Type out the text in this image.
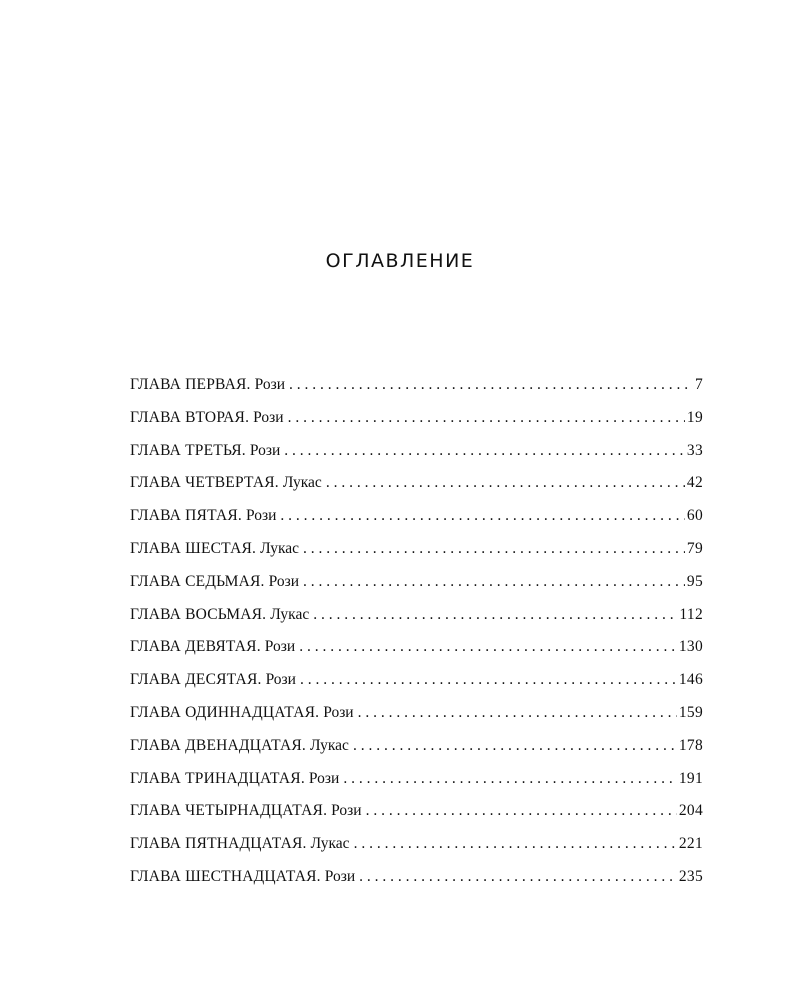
ОГЛАВЛЕНИЕ
ГЛАВА ПЕРВАЯ. Рози . . .	7
ГЛАВА ВТОРАЯ. Рози . . .	19
ГЛАВА ТРЕТЬЯ. Рози . . .	33
ГЛАВА ЧЕТВЕРТАЯ. Лукас . . .	42
ГЛАВА ПЯТАЯ. Рози . . .	60
ГЛАВА ШЕСТАЯ. Лукас . . .	79
ГЛАВА СЕДЬМАЯ. Рози . . .	95
ГЛАВА ВОСЬМАЯ. Лукас . . .	112
ГЛАВА ДЕВЯТАЯ. Рози . . .	130
ГЛАВА ДЕСЯТАЯ. Рози . . .	146
ГЛАВА ОДИННАДЦАТАЯ. Рози . . .	159
ГЛАВА ДВЕНАДЦАТАЯ. Лукас . . .	178
ГЛАВА ТРИНАДЦАТАЯ. Рози . . .	191
ГЛАВА ЧЕТЫРНАДЦАТАЯ. Рози . . .	204
ГЛАВА ПЯТНАДЦАТАЯ. Лукас . . .	221
ГЛАВА ШЕСТНАДЦАТАЯ. Рози . . .	235
